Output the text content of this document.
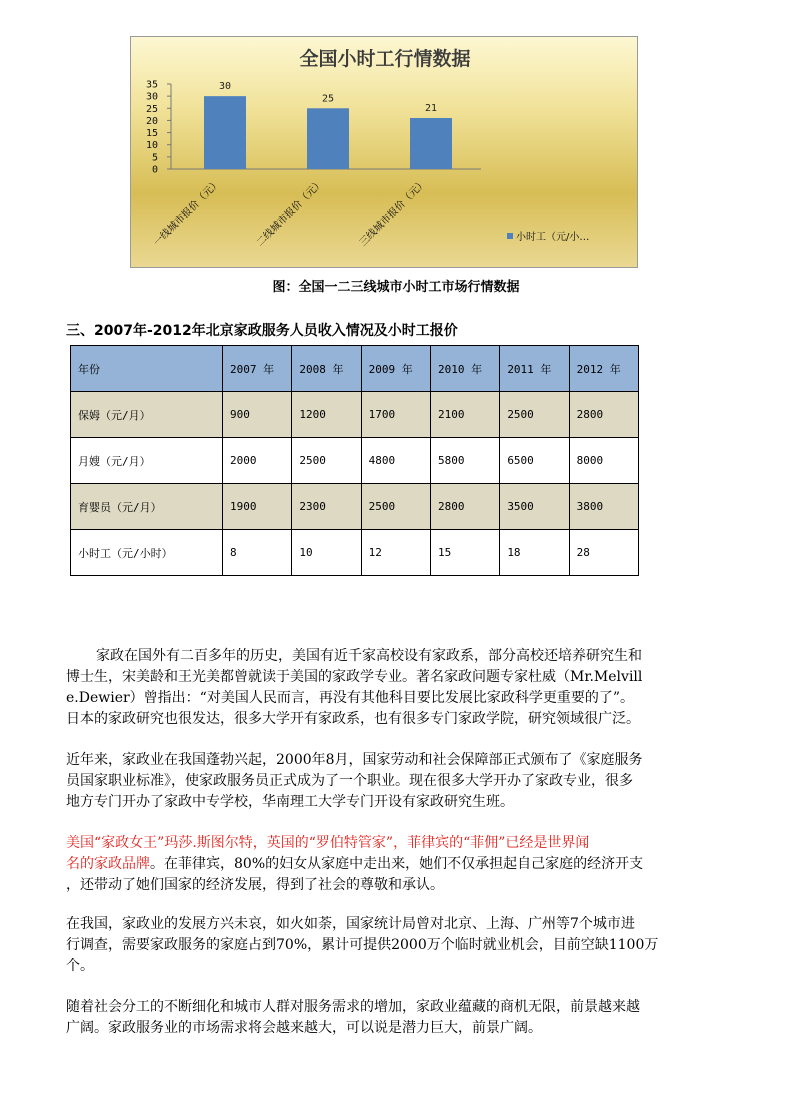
全国小时工行情数据
0
5
10
15
20
25
30
35	30
25
21
一线城市报价（元）	二线城市报价（元）	三线城市报价（元）	小时工（元/小…
图：全国一二三线城市小时工市场行情数据
三、2007年-2012年北京家政服务人员收入情况及小时工报价
年份	2007 年	2008 年	2009 年	2010 年	2011 年	2012 年
保姆（元/月）	900	1200	1700	2100	2500	2800
月嫂（元/月）	2000	2500	4800	5800	6500	8000
育婴员（元/月）	1900	2300	2500	2800	3500	3800
小时工（元/小时）	8	10	12	15	18	28
家政在国外有二百多年的历史，美国有近千家高校设有家政系，部分高校还培养研究生和
博士生，宋美龄和王光美都曾就读于美国的家政学专业。著名家政问题专家杜威（Mr.Melvill
e.Dewier）曾指出：“对美国人民而言，再没有其他科目要比发展比家政科学更重要的了”。
日本的家政研究也很发达，很多大学开有家政系，也有很多专门家政学院，研究领域很广泛。
近年来，家政业在我国蓬勃兴起，2000年8月，国家劳动和社会保障部正式颁布了《家庭服务
员国家职业标准》，使家政服务员正式成为了一个职业。现在很多大学开办了家政专业，很多
地方专门开办了家政中专学校，华南理工大学专门开设有家政研究生班。
美国“家政女王”玛莎.斯图尔特，英国的“罗伯特管家”，菲律宾的“菲佣”已经是世界闻
名的家政品牌。在菲律宾，80%的妇女从家庭中走出来，她们不仅承担起自己家庭的经济开支
，还带动了她们国家的经济发展，得到了社会的尊敬和承认。
在我国，家政业的发展方兴未哀，如火如荼，国家统计局曾对北京、上海、广州等7个城市进
行调查，需要家政服务的家庭占到70%，累计可提供2000万个临时就业机会，目前空缺1100万
个。
随着社会分工的不断细化和城市人群对服务需求的增加，家政业蕴藏的商机无限，前景越来越
广阔。家政服务业的市场需求将会越来越大，可以说是潜力巨大，前景广阔。
